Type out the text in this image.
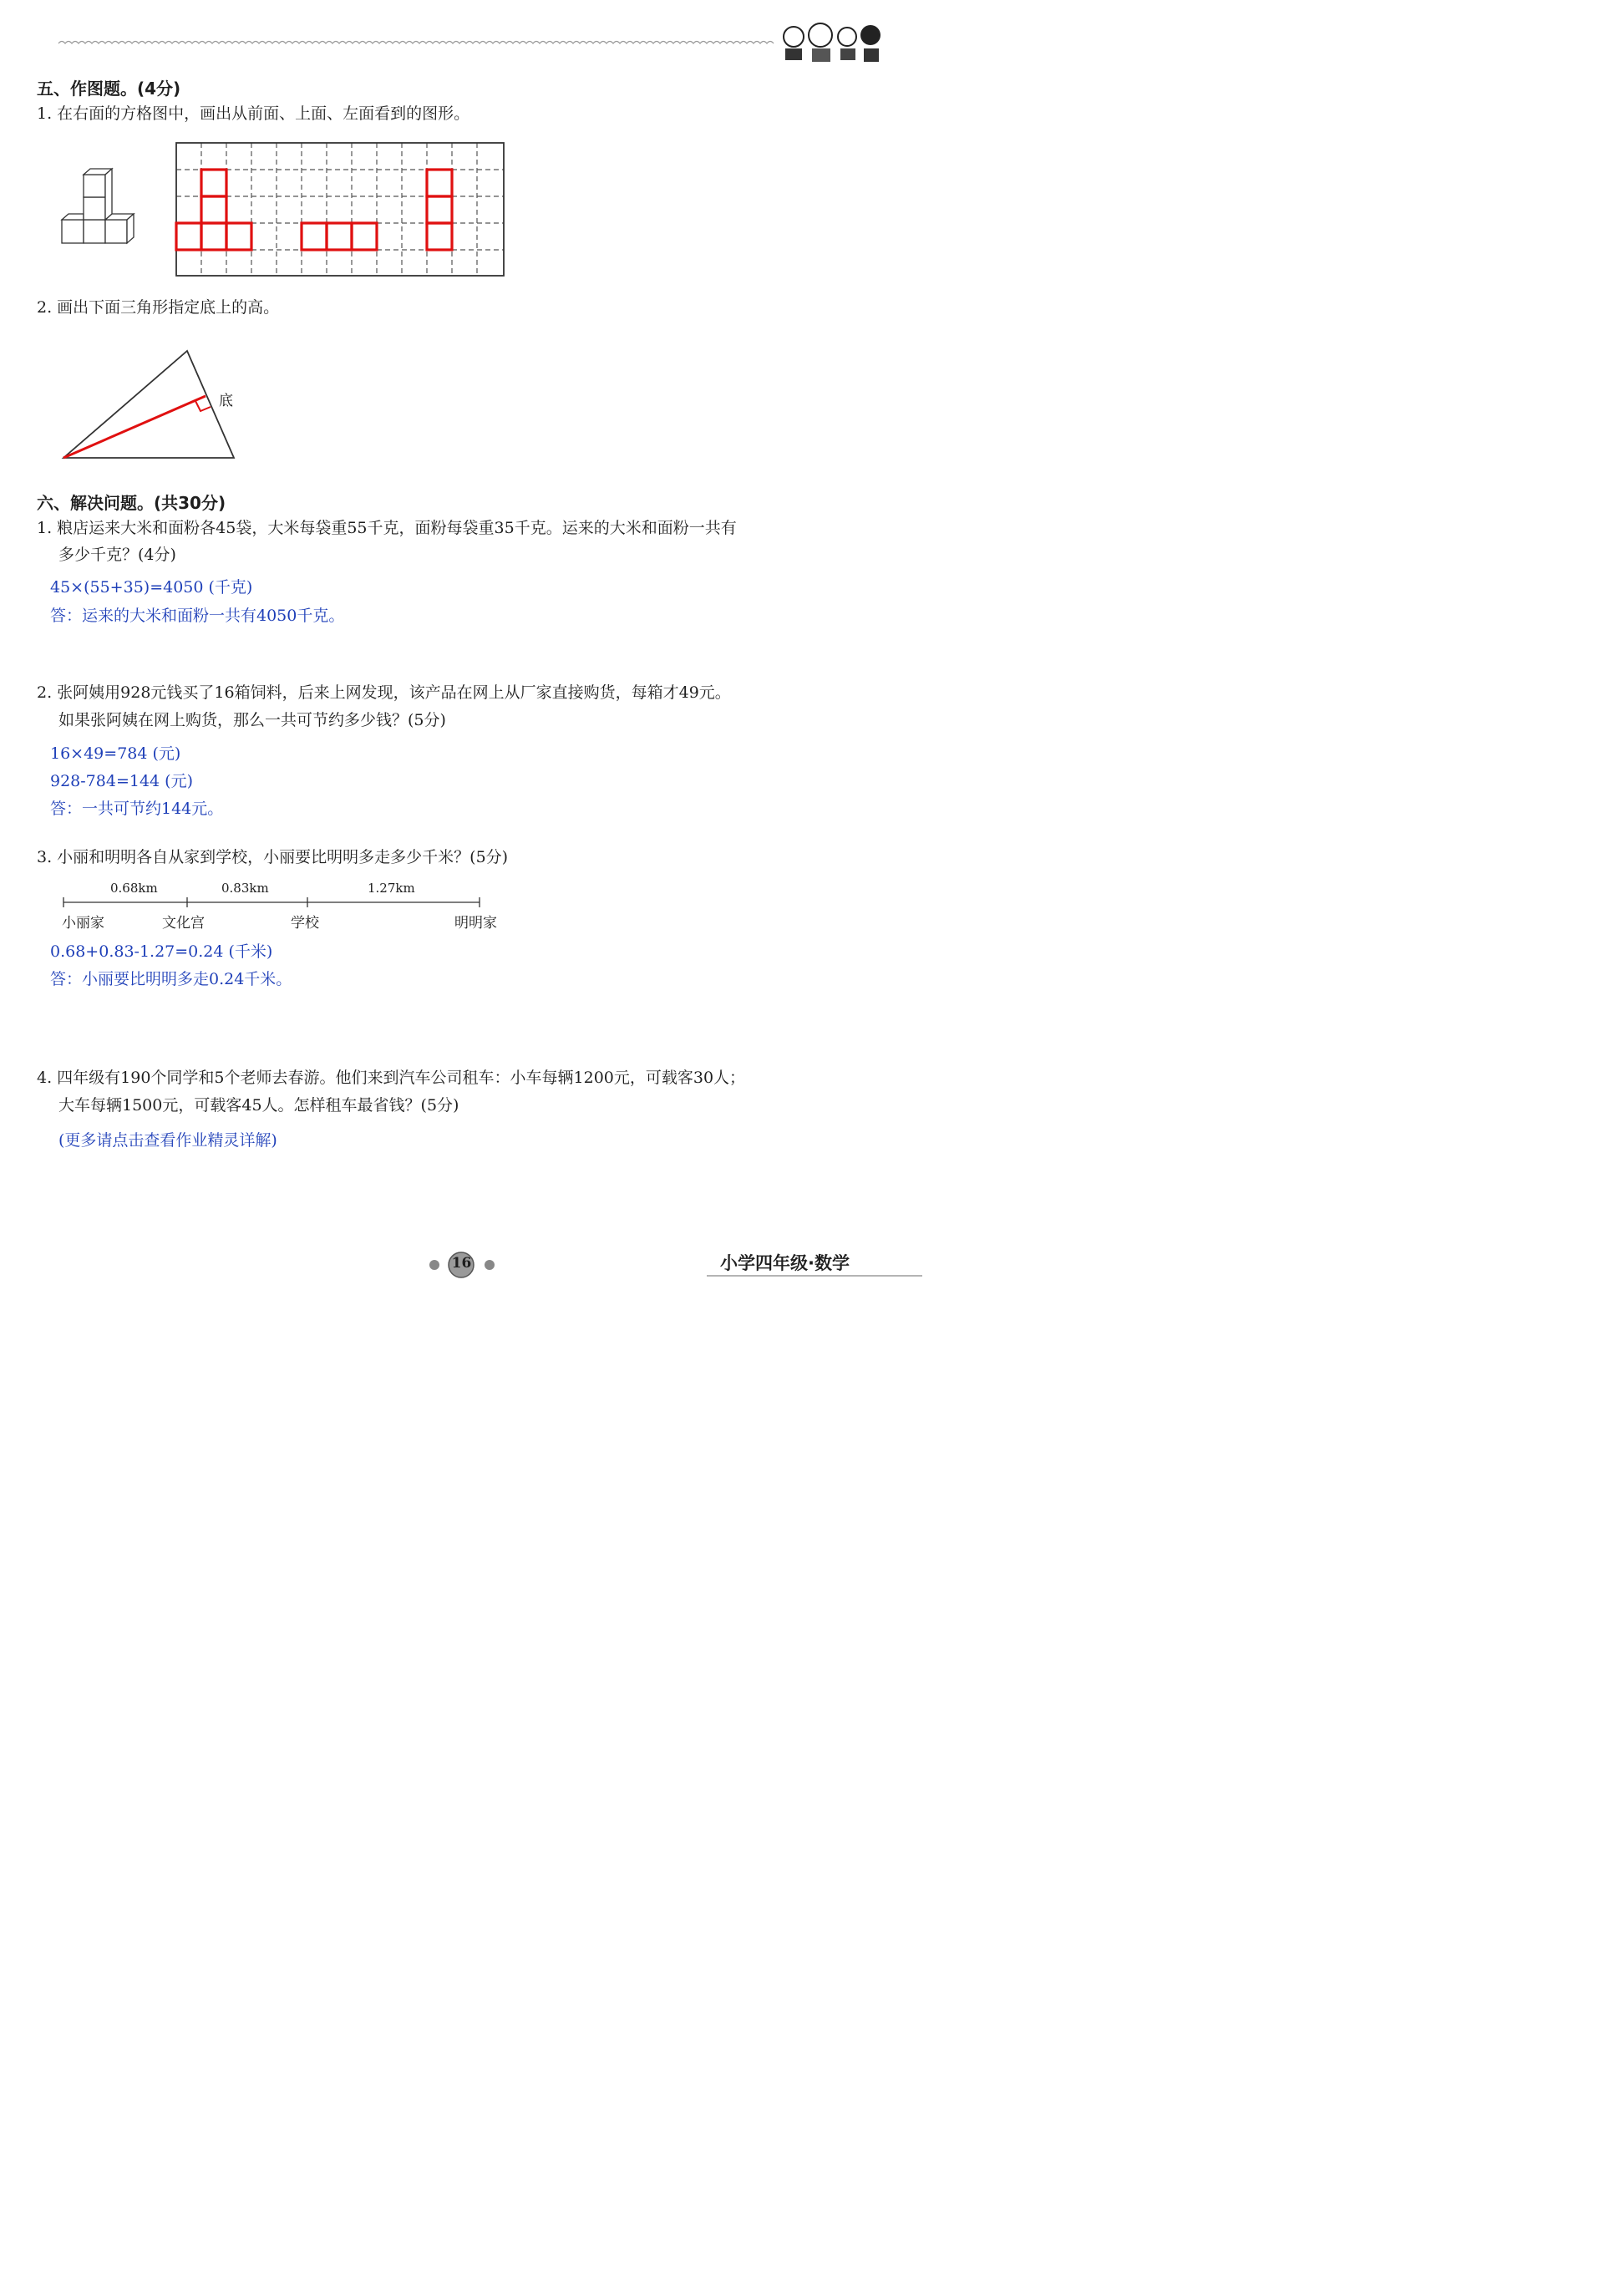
五、作图题。(4分)
1. 在右面的方格图中，画出从前面、上面、左面看到的图形。
2. 画出下面三角形指定底上的高。
底
六、解决问题。(共30分)
1. 粮店运来大米和面粉各45袋，大米每袋重55千克，面粉每袋重35千克。运来的大米和面粉一共有
多少千克？(4分)
45×(55+35)=4050 (千克)
答：运来的大米和面粉一共有4050千克。
2. 张阿姨用928元钱买了16箱饲料，后来上网发现，该产品在网上从厂家直接购货，每箱才49元。
如果张阿姨在网上购货，那么一共可节约多少钱？(5分)
16×49=784 (元)
928-784=144 (元)
答：一共可节约144元。
3. 小丽和明明各自从家到学校，小丽要比明明多走多少千米？(5分)
0.68km	0.83km	1.27km
小丽家	文化宫	学校	明明家
0.68+0.83-1.27=0.24 (千米)
答：小丽要比明明多走0.24千米。
4. 四年级有190个同学和5个老师去春游。他们来到汽车公司租车：小车每辆1200元，可载客30人；
大车每辆1500元，可载客45人。怎样租车最省钱？(5分)
(更多请点击查看作业精灵详解)
16	小学四年级·数学
